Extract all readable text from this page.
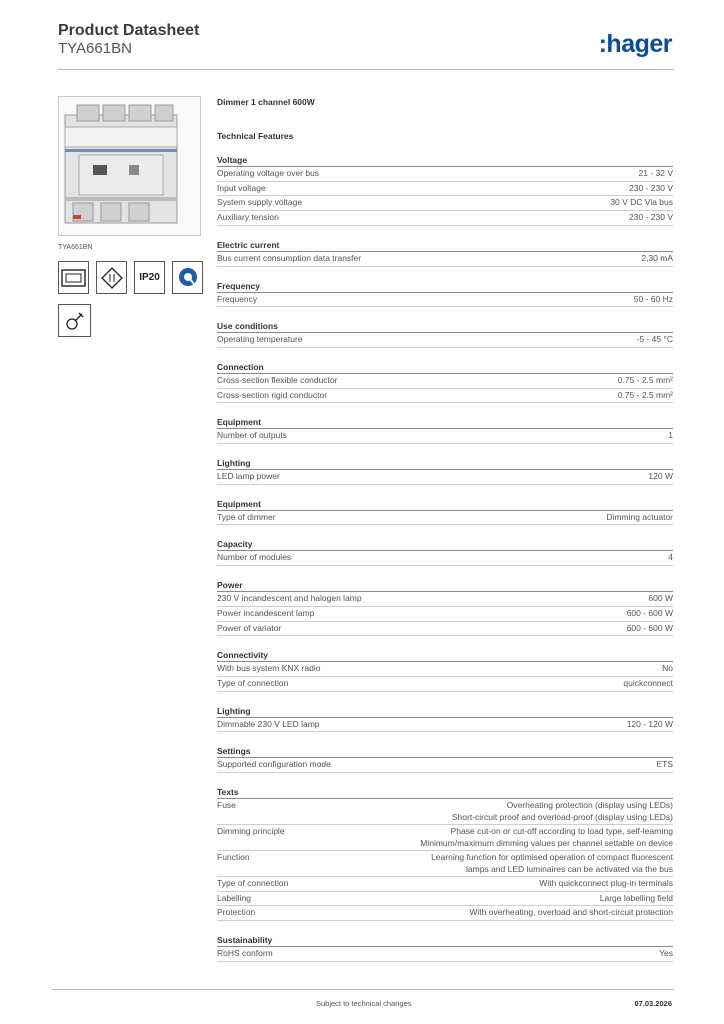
Product Datasheet
TYA661BN	:hager
TYA661BN
IP20
Dimmer 1 channel 600W
Technical Features
Voltage
Operating voltage over bus	21 - 32 V
Input voltage	230 - 230 V
System supply voltage	30 V DC Via bus
Auxiliary tension	230 - 230 V
Electric current
Bus current consumption data transfer	2,30 mA
Frequency
Frequency	50 - 60 Hz
Use conditions
Operating temperature	-5 - 45 °C
Connection
Cross-section flexible conductor	0.75 - 2.5 mm²
Cross-section rigid conductor	0.75 - 2.5 mm²
Equipment
Number of outputs	1
Lighting
LED lamp power	120 W
Equipment
Type of dimmer	Dimming actuator
Capacity
Number of modules	4
Power
230 V incandescent and halogen lamp	600 W
Power incandescent lamp	600 - 600 W
Power of variator	600 - 600 W
Connectivity
With bus system KNX radio	No
Type of connection	quickconnect
Lighting
Dimmable 230 V LED lamp	120 - 120 W
Settings
Supported configuration mode	ETS
Texts
Fuse	Overheating protection (display using LEDs)
Short-circuit proof and overload-proof (display using LEDs)
Dimming principle	Phase cut-on or cut-off according to load type, self-learning
Minimum/maximum dimming values per channel settable on device
Function	Learning function for optimised operation of compact fluorescent
lamps and LED luminaires can be activated via the bus
Type of connection	With quickconnect plug-in terminals
Labelling	Large labelling field
Protection	With overheating, overload and short-circuit protection
Sustainability
RoHS conform	Yes
Subject to technical changes	07.03.2026
